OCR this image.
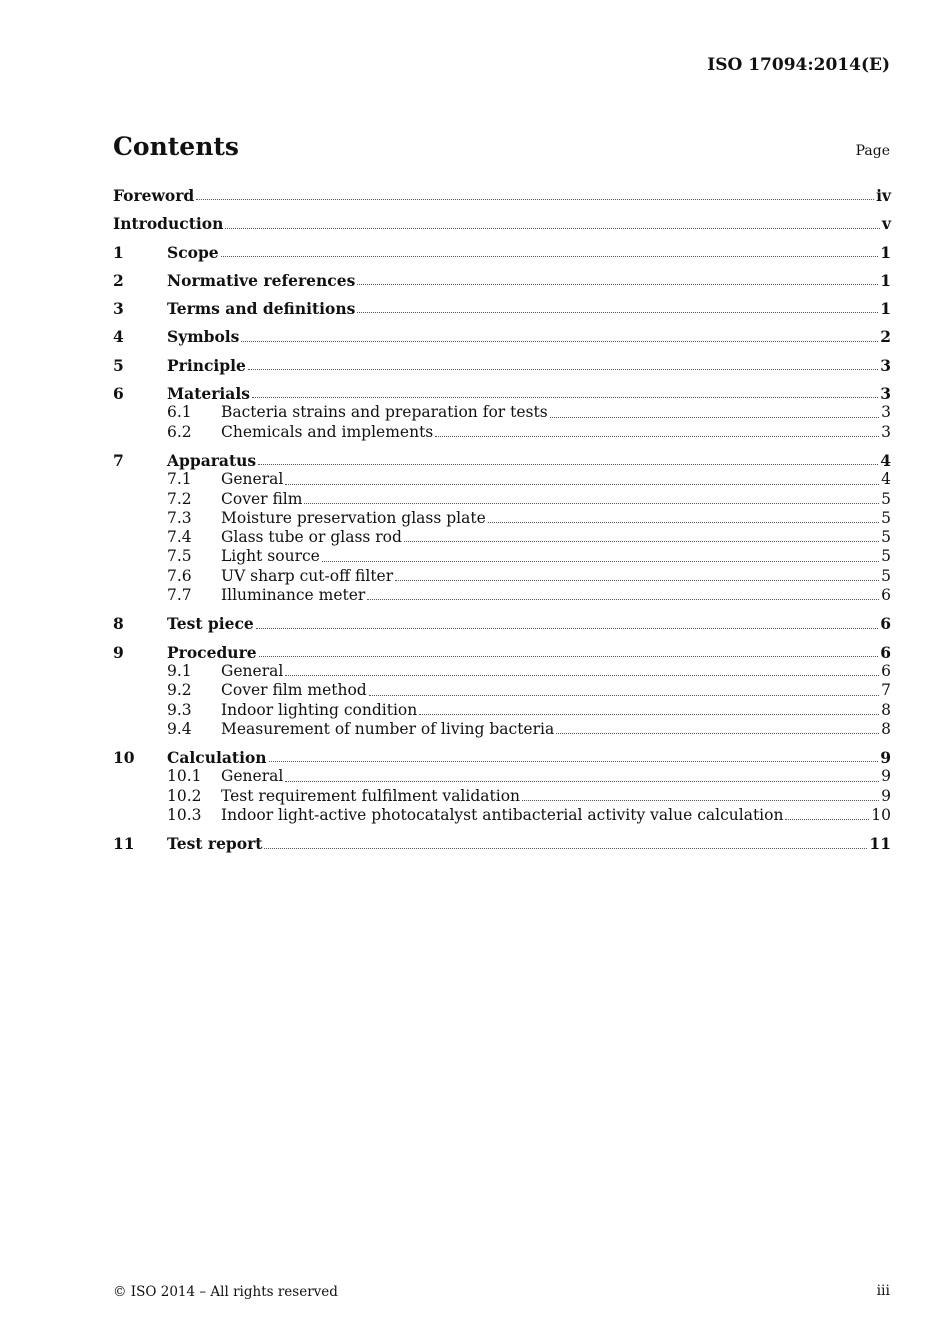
ISO 17094:2014(E)
Contents	Page
Foreword	iv
Introduction	v
1	Scope	1
2	Normative references	1
3	Terms and definitions	1
4	Symbols	2
5	Principle	3
6	Materials	3
6.1	Bacteria strains and preparation for tests	3
6.2	Chemicals and implements	3
7	Apparatus	4
7.1	General	4
7.2	Cover film	5
7.3	Moisture preservation glass plate	5
7.4	Glass tube or glass rod	5
7.5	Light source	5
7.6	UV sharp cut-off filter	5
7.7	Illuminance meter	6
8	Test piece	6
9	Procedure	6
9.1	General	6
9.2	Cover film method	7
9.3	Indoor lighting condition	8
9.4	Measurement of number of living bacteria	8
10	Calculation	9
10.1	General	9
10.2	Test requirement fulfilment validation	9
10.3	Indoor light-active photocatalyst antibacterial activity value calculation	10
11	Test report	11
© ISO 2014 – All rights reserved	iii
